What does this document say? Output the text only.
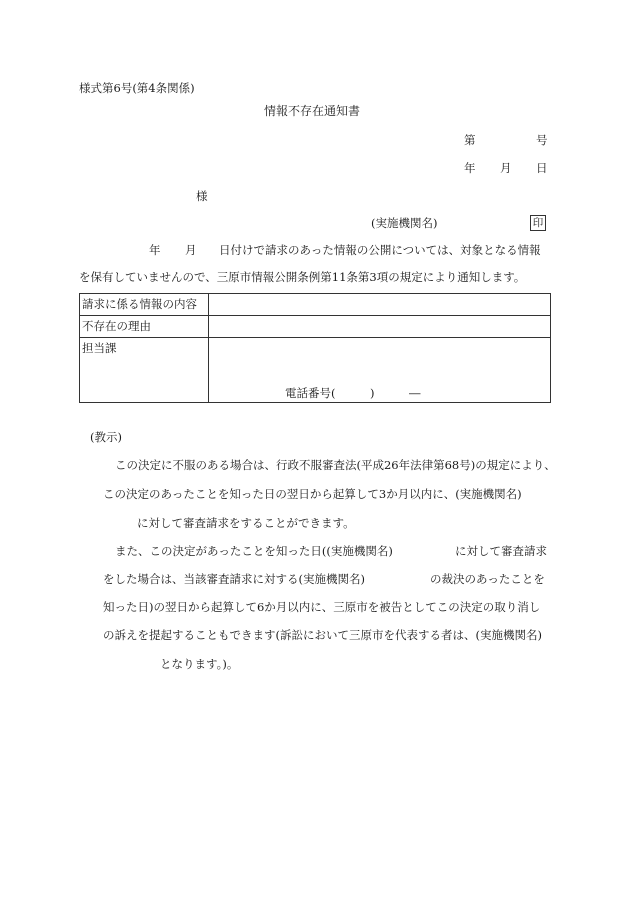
様式第6号(第4条関係)
情報不存在通知書
第	号
年 月 日
様
(実施機関名)	印
年 月 日付けで請求のあった情報の公開については、対象となる情報
を保有していませんので、三原市情報公開条例第11条第3項の規定により通知します。
請求に係る情報の内容	
不存在の理由	
担当課	電話番号(　　　)　　　―
(教示)
この決定に不服のある場合は、行政不服審査法(平成26年法律第68号)の規定により、
この決定のあったことを知った日の翌日から起算して3か月以内に、(実施機関名)
に対して審査請求をすることができます。
また、この決定があったことを知った日((実施機関名)	に対して審査請求
をした場合は、当該審査請求に対する(実施機関名)	の裁決のあったことを
知った日)の翌日から起算して6か月以内に、三原市を被告としてこの決定の取り消し
の訴えを提起することもできます(訴訟において三原市を代表する者は、(実施機関名)
となります。)。
